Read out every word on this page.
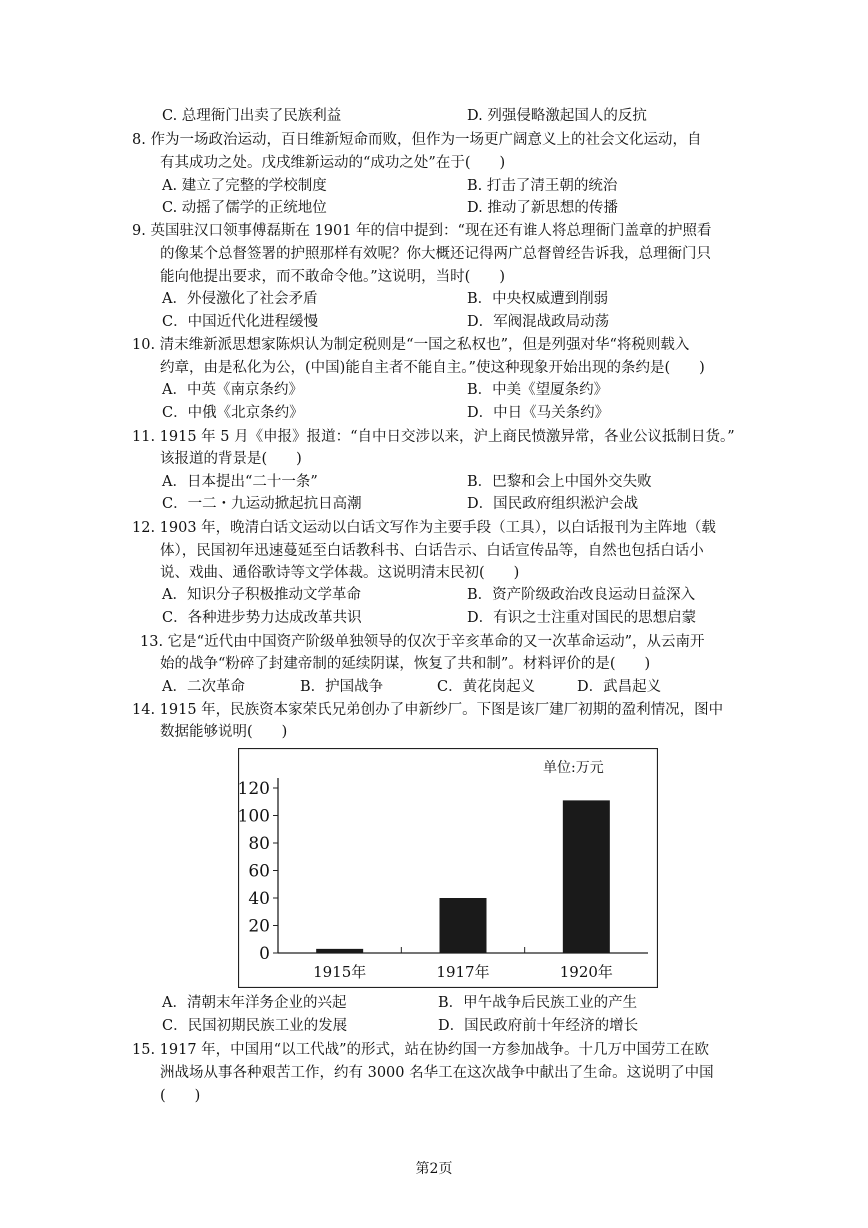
C. 总理衙门出卖了民族利益	D. 列强侵略激起国人的反抗
8. 作为一场政治运动，百日维新短命而败，但作为一场更广阔意义上的社会文化运动，自
有其成功之处。戊戌维新运动的“成功之处”在于(　　)
A. 建立了完整的学校制度	B. 打击了清王朝的统治
C. 动摇了儒学的正统地位	D. 推动了新思想的传播
9. 英国驻汉口领事傅磊斯在 1901 年的信中提到：“现在还有谁人将总理衙门盖章的护照看
的像某个总督签署的护照那样有效呢？你大概还记得两广总督曾经告诉我，总理衙门只
能向他提出要求，而不敢命令他。”这说明，当时(　　)
A．外侵激化了社会矛盾	B．中央权威遭到削弱
C．中国近代化进程缓慢	D．军阀混战政局动荡
10. 清末维新派思想家陈炽认为制定税则是“一国之私权也”，但是列强对华“将税则载入
约章，由是私化为公，(中国)能自主者不能自主。”使这种现象开始出现的条约是(　　)
A．中英《南京条约》	B．中美《望厦条约》
C．中俄《北京条约》	D．中日《马关条约》
11. 1915 年 5 月《申报》报道：“自中日交涉以来，沪上商民愤激异常，各业公议抵制日货。”
该报道的背景是(　　)
A．日本提出“二十一条”	B．巴黎和会上中国外交失败
C．一二・九运动掀起抗日高潮	D．国民政府组织淞沪会战
12. 1903 年，晚清白话文运动以白话文写作为主要手段（工具），以白话报刊为主阵地（载
体），民国初年迅速蔓延至白话教科书、白话告示、白话宣传品等，自然也包括白话小
说、戏曲、通俗歌诗等文学体裁。这说明清末民初(　　)
A．知识分子积极推动文学革命	B．资产阶级政治改良运动日益深入
C．各种进步势力达成改革共识	D．有识之士注重对国民的思想启蒙
13. 它是“近代由中国资产阶级单独领导的仅次于辛亥革命的又一次革命运动”，从云南开
始的战争“粉碎了封建帝制的延续阴谋，恢复了共和制”。材料评价的是(　　)
A．二次革命	B．护国战争	C．黄花岗起义	D．武昌起义
14. 1915 年，民族资本家荣氏兄弟创办了申新纱厂。下图是该厂建厂初期的盈利情况，图中
数据能够说明(　　)
单位:万元
0
20
40
60
80
100
120
1915年	1917年	1920年
A．清朝末年洋务企业的兴起	B．甲午战争后民族工业的产生
C．民国初期民族工业的发展	D．国民政府前十年经济的增长
15. 1917 年，中国用“以工代战”的形式，站在协约国一方参加战争。十几万中国劳工在欧
洲战场从事各种艰苦工作，约有 3000 名华工在这次战争中献出了生命。这说明了中国
(　　)
第2页
